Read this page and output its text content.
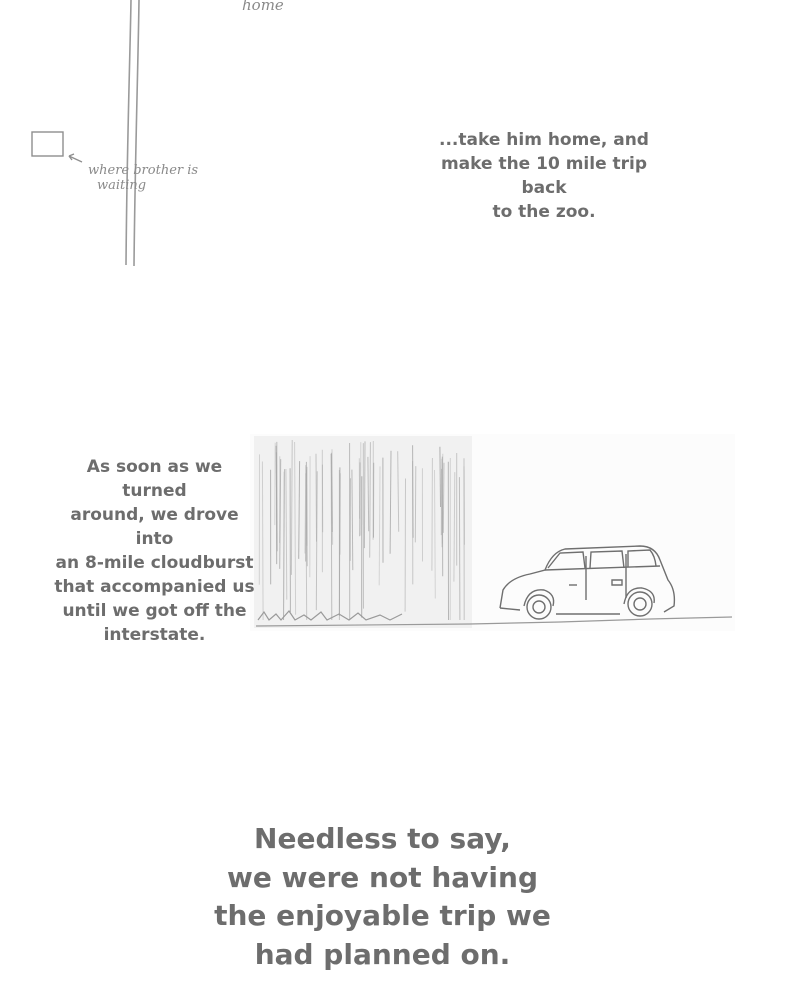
home
where brother is
waiting
...take him home, and
make the 10 mile trip back
to the zoo.
As soon as we turned
around, we drove into
an 8-mile cloudburst
that accompanied us
until we got off the
interstate.
Needless to say,
we were not having
the enjoyable trip we
had planned on.
